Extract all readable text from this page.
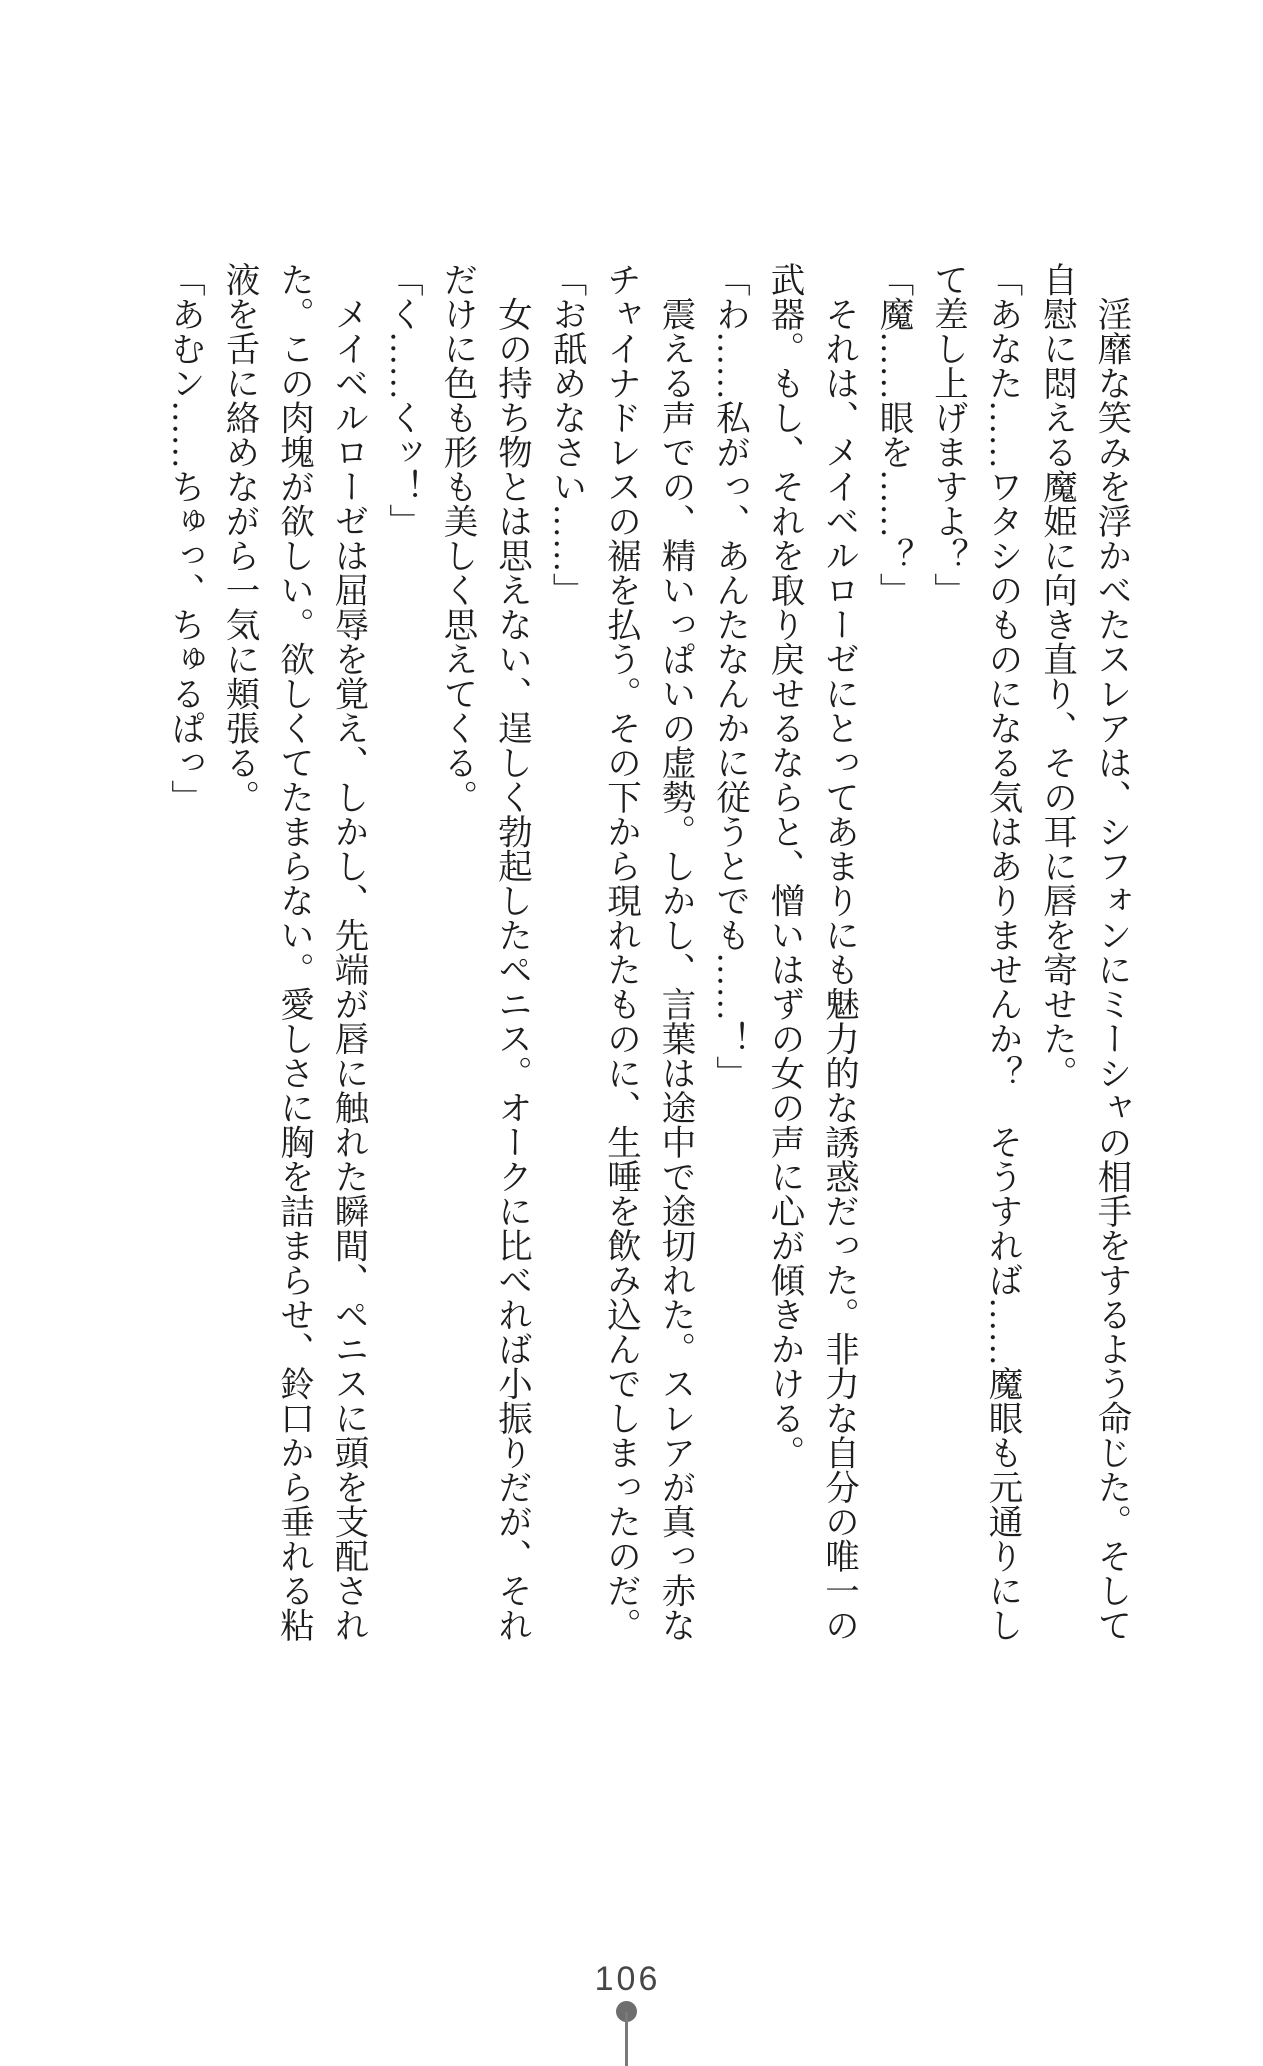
　淫靡な笑みを浮かべたスレアは、シフォンにミーシャの相手をするよう命じた。そして
自慰に悶える魔姫に向き直り、その耳に唇を寄せた。
「あなた……ワタシのものになる気はありませんか？　そうすれば……魔眼も元通りにし
て差し上げますよ？」
「魔……眼を……？」
　それは、メイベルローゼにとってあまりにも魅力的な誘惑だった。非力な自分の唯一の
武器。もし、それを取り戻せるならと、憎いはずの女の声に心が傾きかける。
「わ……私がっ、あんたなんかに従うとでも……！」
　震える声での、精いっぱいの虚勢。しかし、言葉は途中で途切れた。スレアが真っ赤な
チャイナドレスの裾を払う。その下から現れたものに、生唾を飲み込んでしまったのだ。
「お舐めなさい……」
　女の持ち物とは思えない、逞しく勃起したペニス。オークに比べれば小振りだが、それ
だけに色も形も美しく思えてくる。
「く……くッ！」
　メイベルローゼは屈辱を覚え、しかし、先端が唇に触れた瞬間、ペニスに頭を支配され
た。この肉塊が欲しい。欲しくてたまらない。愛しさに胸を詰まらせ、鈴口から垂れる粘
液を舌に絡めながら一気に頬張る。
「あむン……ちゅっ、ちゅるぱっ」
106
